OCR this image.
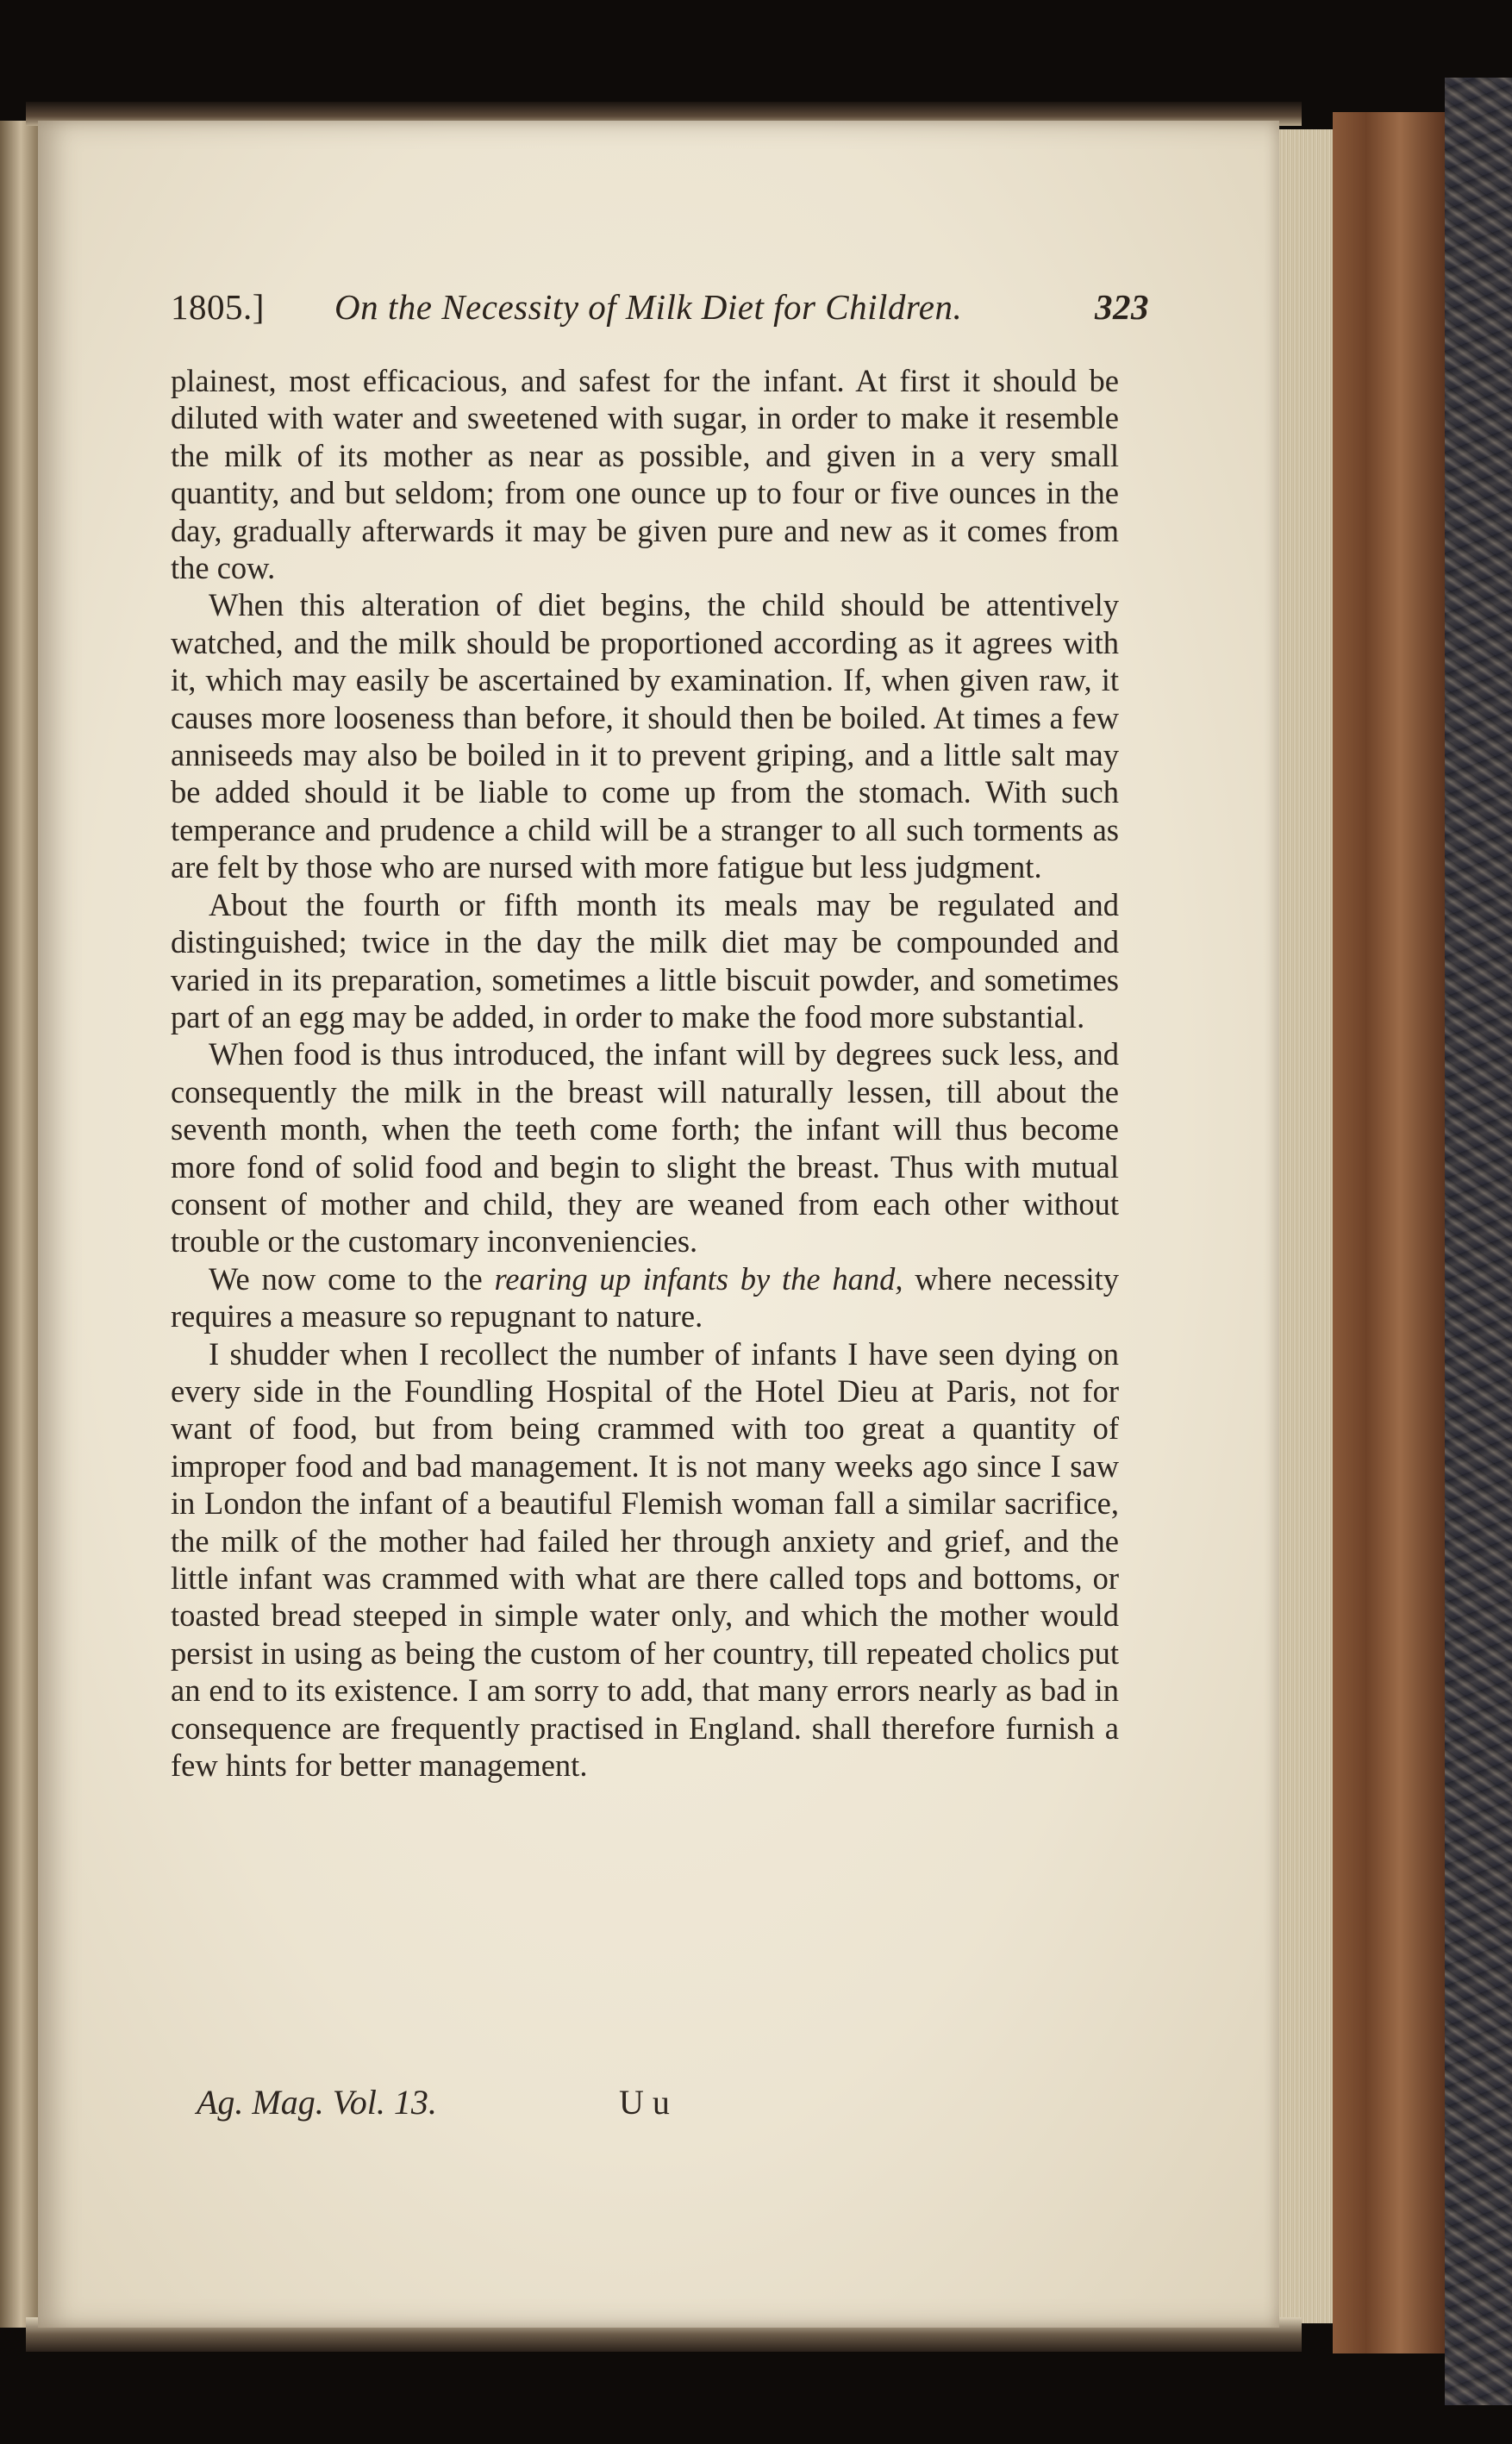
1805.] On the Necessity of Milk Diet for Children.	323

plainest, most efficacious, and safest for the infant. At first it should be diluted with water and sweetened with sugar, in order to make it resemble the milk of its mother as near as possible, and given in a very small quantity, and but seldom; from one ounce up to four or five ounces in the day, gradually afterwards it may be given pure and new as it comes from the cow.

When this alteration of diet begins, the child should be attentively watched, and the milk should be proportioned according as it agrees with it, which may easily be ascertained by examination. If, when given raw, it causes more looseness than before, it should then be boiled. At times a few anniseeds may also be boiled in it to prevent griping, and a little salt may be added should it be liable to come up from the stomach. With such temperance and prudence a child will be a stranger to all such torments as are felt by those who are nursed with more fatigue but less judgment.

About the fourth or fifth month its meals may be regulated and distinguished; twice in the day the milk diet may be compounded and varied in its preparation, sometimes a little biscuit powder, and sometimes part of an egg may be added, in order to make the food more substantial.

When food is thus introduced, the infant will by degrees suck less, and consequently the milk in the breast will naturally lessen, till about the seventh month, when the teeth come forth; the infant will thus become more fond of solid food and begin to slight the breast. Thus with mutual consent of mother and child, they are weaned from each other without trouble or the customary inconveniencies.

We now come to the rearing up infants by the hand, where necessity requires a measure so repugnant to nature.

I shudder when I recollect the number of infants I have seen dying on every side in the Foundling Hospital of the Hotel Dieu at Paris, not for want of food, but from being crammed with too great a quantity of improper food and bad management. It is not many weeks ago since I saw in London the infant of a beautiful Flemish woman fall a similar sacrifice, the milk of the mother had failed her through anxiety and grief, and the little infant was crammed with what are there called tops and bottoms, or toasted bread steeped in simple water only, and which the mother would persist in using as being the custom of her country, till repeated cholics put an end to its existence. I am sorry to add, that many errors nearly as bad in consequence are frequently practised in England. shall therefore furnish a few hints for better management.

Ag. Mag. Vol. 13.	U u
